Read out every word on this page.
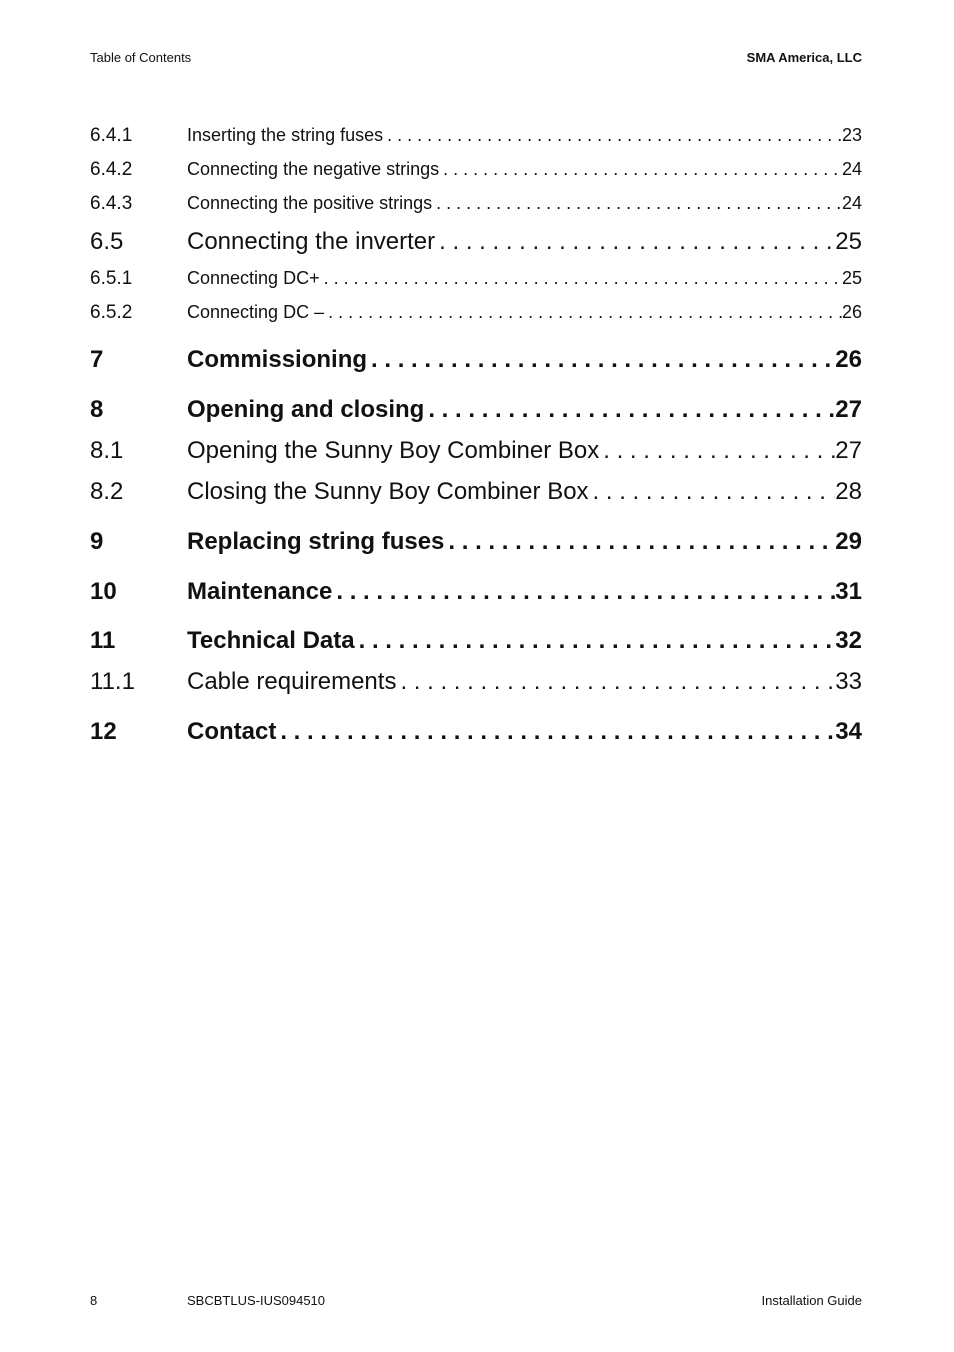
Table of Contents	SMA America, LLC
6.4.1	Inserting the string fuses . . .	23
6.4.2	Connecting the negative strings . . .	24
6.4.3	Connecting the positive strings . . .	24
6.5	Connecting the inverter . . .	25
6.5.1	Connecting DC+ . . .	25
6.5.2	Connecting DC – . . .	26
7	Commissioning . . .	26
8	Opening and closing . . .	27
8.1	Opening the Sunny Boy Combiner Box . . .	27
8.2	Closing the Sunny Boy Combiner Box . . .	28
9	Replacing string fuses . . .	29
10	Maintenance . . .	31
11	Technical Data . . .	32
11.1	Cable requirements . . .	33
12	Contact . . .	34
8	SBCBTLUS-IUS094510	Installation Guide
